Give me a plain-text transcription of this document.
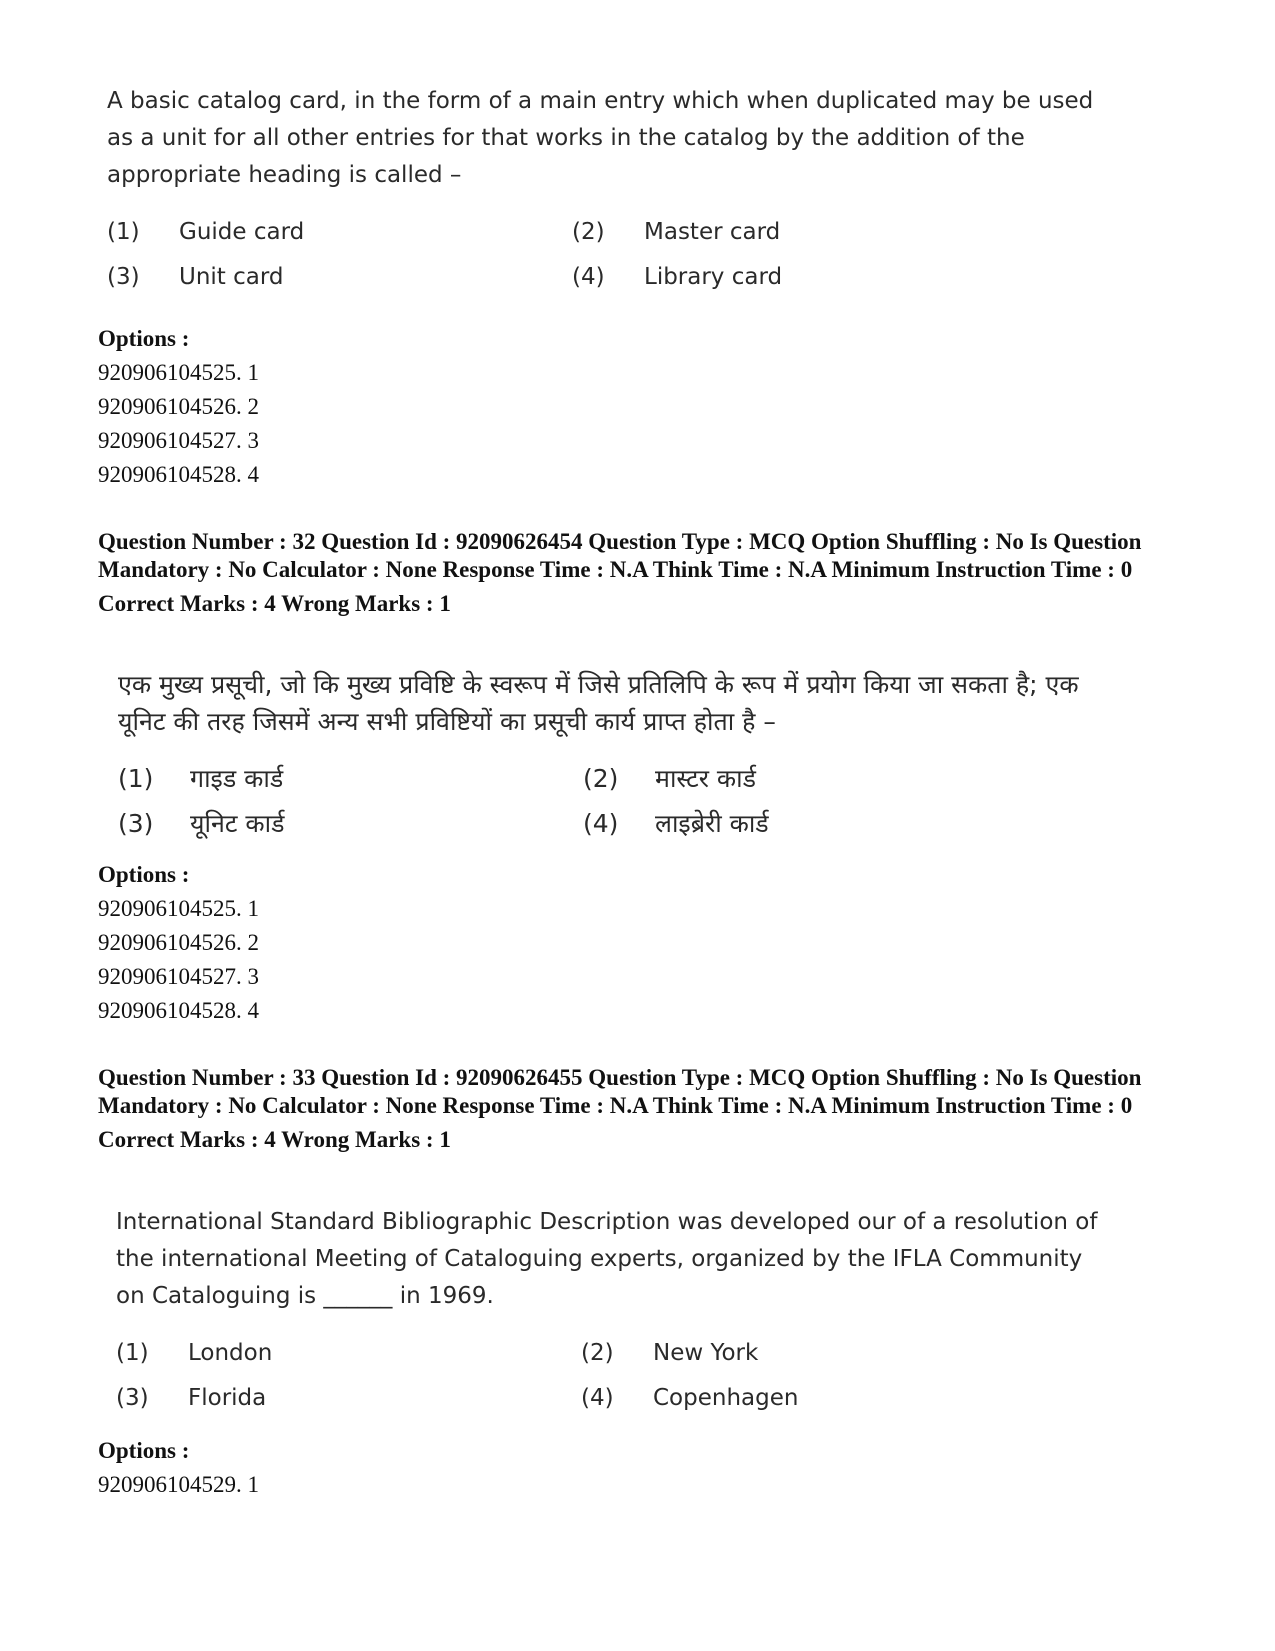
A basic catalog card, in the form of a main entry which when duplicated may be used as a unit for all other entries for that works in the catalog by the addition of the appropriate heading is called –

(1)	Guide card	(2)	Master card
(3)	Unit card	(4)	Library card
Options :
920906104525. 1
920906104526. 2
920906104527. 3
920906104528. 4
Question Number : 32 Question Id : 92090626454 Question Type : MCQ Option Shuffling : No Is Question Mandatory : No Calculator : None Response Time : N.A Think Time : N.A Minimum Instruction Time : 0
Correct Marks : 4 Wrong Marks : 1

एक मुख्य प्रसूची, जो कि मुख्य प्रविष्टि के स्वरूप में जिसे प्रतिलिपि के रूप में प्रयोग किया जा सकता है; एक यूनिट की तरह जिसमें अन्य सभी प्रविष्टियों का प्रसूची कार्य प्राप्त होता है –

(1)	गाइड कार्ड	(2)	मास्टर कार्ड
(3)	यूनिट कार्ड	(4)	लाइब्रेरी कार्ड
Options :
920906104525. 1
920906104526. 2
920906104527. 3
920906104528. 4
Question Number : 33 Question Id : 92090626455 Question Type : MCQ Option Shuffling : No Is Question Mandatory : No Calculator : None Response Time : N.A Think Time : N.A Minimum Instruction Time : 0
Correct Marks : 4 Wrong Marks : 1

International Standard Bibliographic Description was developed our of a resolution of the international Meeting of Cataloguing experts, organized by the IFLA Community on Cataloguing is ______ in 1969.

(1)	London	(2)	New York
(3)	Florida	(4)	Copenhagen
Options :
920906104529. 1
